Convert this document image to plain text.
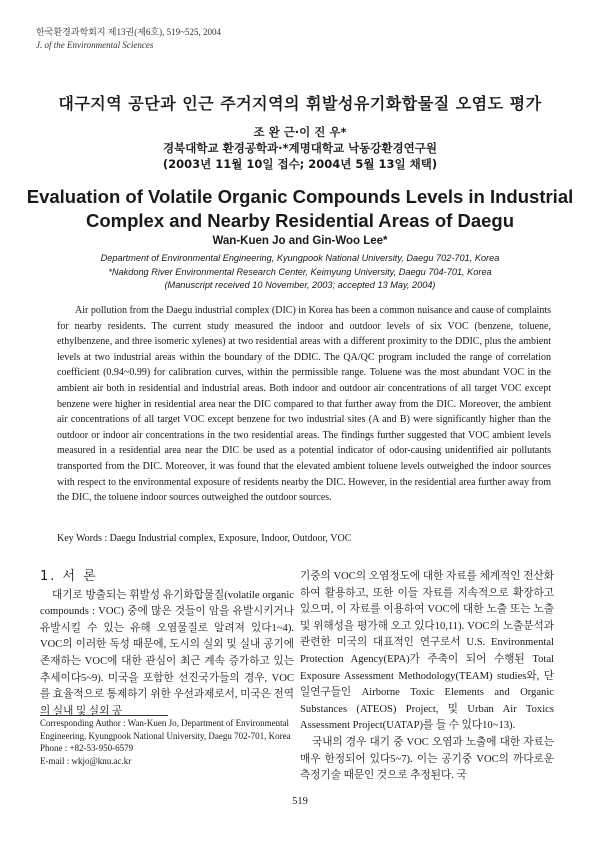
한국환경과학회지 제13권(제6호), 519~525, 2004
J. of the Environmental Sciences
대구지역 공단과 인근 주거지역의 휘발성유기화합물질 오염도 평가
조 완 근·이 진 우*
경북대학교 환경공학과·*계명대학교 낙동강환경연구원
(2003년 11월 10일 접수; 2004년 5월 13일 채택)
Evaluation of Volatile Organic Compounds Levels in Industrial
Complex and Nearby Residential Areas of Daegu
Wan-Kuen Jo and Gin-Woo Lee*
Department of Environmental Engineering, Kyungpook National University, Daegu 702-701, Korea
*Nakdong River Environmental Research Center, Keimyung University, Daegu 704-701, Korea
(Manuscript received 10 November, 2003; accepted 13 May, 2004)

Air pollution from the Daegu industrial complex (DIC) in Korea has been a common nuisance and cause of complaints for nearby residents. The current study measured the indoor and outdoor levels of six VOC (benzene, toluene, ethylbenzene, and three isomeric xylenes) at two residential areas with a different proximity to the DDIC, plus the ambient levels at two industrial areas within the boundary of the DDIC. The QA/QC program included the range of correlation coefficient (0.94~0.99) for calibration curves, within the permissible range. Toluene was the most abundant VOC in the ambient air both in residential and industrial areas. Both indoor and outdoor air concentrations of all target VOC except benzene were higher in residential area near the DIC compared to that further away from the DIC. Moreover, the ambient air concentrations of all target VOC except benzene for two industrial sites (A and B) were significantly higher than the outdoor or indoor air concentrations in the two residential areas. The findings further suggested that VOC ambient levels measured in a residential area near the DIC be used as a potential indicator of odor-causing unidentified air pollutants transported from the DIC. Moreover, it was found that the elevated ambient toluene levels outweighed the indoor sources with respect to the environmental exposure of residents nearby the DIC. However, in the residential area further away from the DIC, the toluene indoor sources outweighed the outdoor sources.

Key Words : Daegu Industrial complex, Exposure, Indoor, Outdoor, VOC
1. 서 론

대기로 방출되는 휘발성 유기화합물질(volatile organic compounds : VOC) 중에 많은 것들이 암을 유발시키거나 유발시킬 수 있는 유해 오염물질로 알려져 있다1~4). VOC의 이러한 독성 때문에, 도시의 실외 및 실내 공기에 존재하는 VOC에 대한 관심이 최근 계속 증가하고 있는 추세이다5~9). 미국을 포함한 선진국가들의 경우, VOC를 효율적으로 통제하기 위한 우선과제로서, 미국은 전역의 실내 및 실외 공

기중의 VOC의 오염정도에 대한 자료를 체계적인 전산화하여 활용하고, 또한 이들 자료를 지속적으로 확장하고 있으며, 이 자료를 이용하여 VOC에 대한 노출 또는 노출 및 위해성을 평가해 오고 있다10,11). VOC의 노출분석과 관련한 미국의 대표적인 연구로서 U.S. Environmental Protection Agency(EPA)가 주축이 되어 수행된 Total Exposure Assessment Methodology(TEAM) studies와, 단일연구들인 Airborne Toxic Elements and Organic Substances (ATEOS) Project, 및 Urban Air Toxics Assessment Project(UATAP)를 들 수 있다10~13).

국내의 경우 대기 중 VOC 오염과 노출에 대한 자료는 매우 한정되어 있다5~7). 이는 공기중 VOC의 까다로운 측정기술 때문인 것으로 추정된다. 국

Corresponding Author : Wan-Kuen Jo, Department of Environmental Engineering, Kyungpook National University, Daegu 702-701, Korea
Phone : +82-53-950-6579
E-mail : wkjo@knu.ac.kr
519
